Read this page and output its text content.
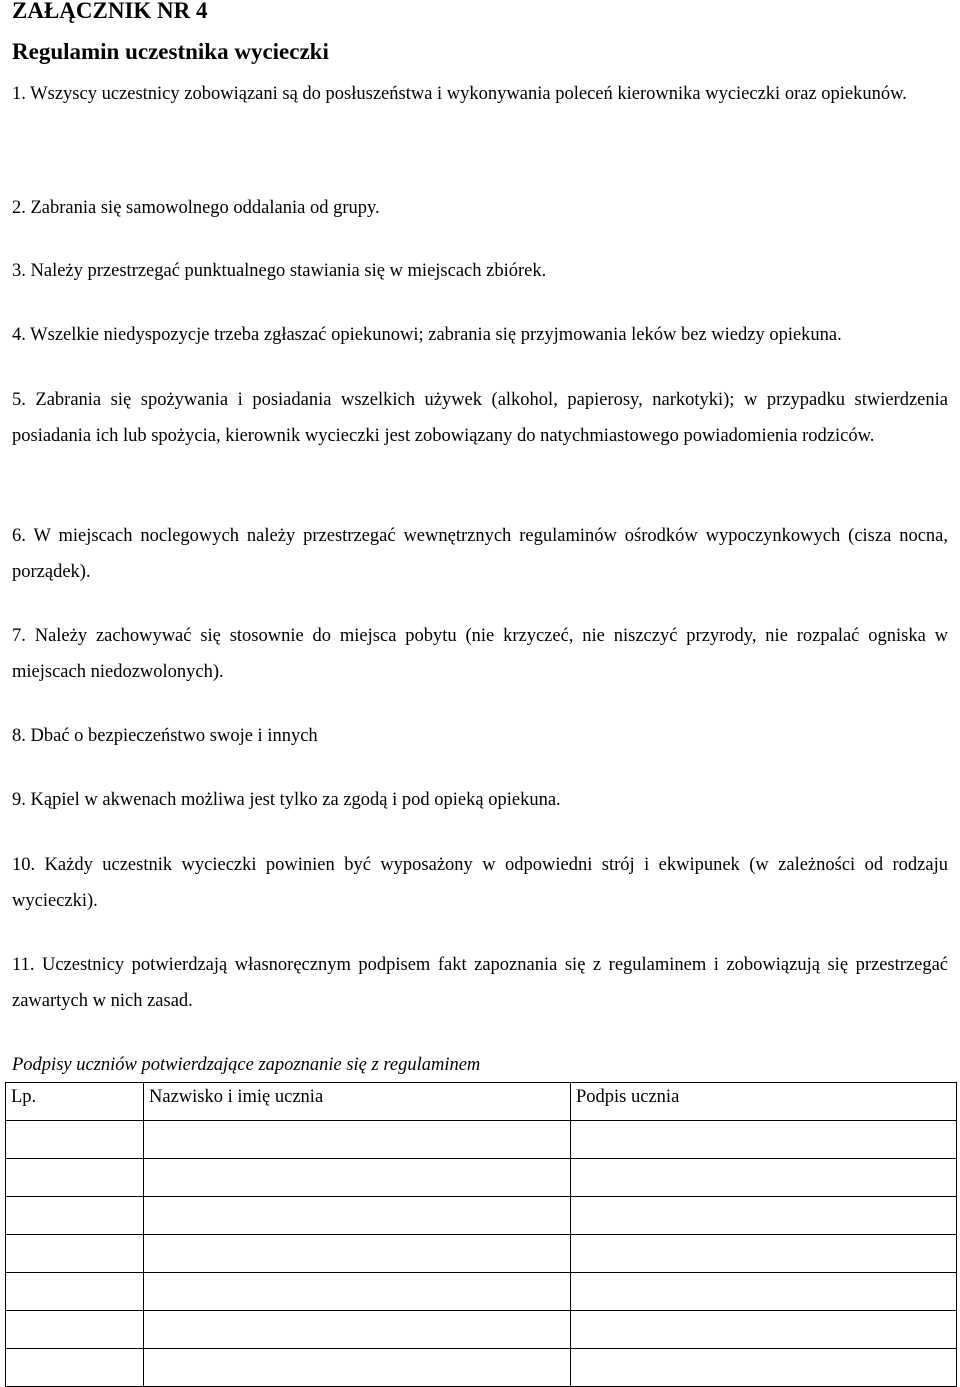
ZAŁĄCZNIK NR 4
Regulamin uczestnika wycieczki

1. Wszyscy uczestnicy zobowiązani są do posłuszeństwa i wykonywania poleceń kierownika wycieczki oraz opiekunów.

2. Zabrania się samowolnego oddalania od grupy.

3. Należy przestrzegać punktualnego stawiania się w miejscach zbiórek.

4. Wszelkie niedyspozycje trzeba zgłaszać opiekunowi; zabrania się przyjmowania leków bez wiedzy opiekuna.

5. Zabrania się spożywania i posiadania wszelkich używek (alkohol, papierosy, narkotyki); w przypadku stwierdzenia posiadania ich lub spożycia, kierownik wycieczki jest zobowiązany do natychmiastowego powiadomienia rodziców.

6. W miejscach noclegowych należy przestrzegać wewnętrznych regulaminów ośrodków wypoczynkowych (cisza nocna, porządek).

7. Należy zachowywać się stosownie do miejsca pobytu (nie krzyczeć, nie niszczyć przyrody, nie rozpalać ogniska w miejscach niedozwolonych).

8. Dbać o bezpieczeństwo swoje i innych

9. Kąpiel w akwenach możliwa jest tylko za zgodą i pod opieką opiekuna.

10. Każdy uczestnik wycieczki powinien być wyposażony w odpowiedni strój i ekwipunek (w zależności od rodzaju wycieczki).

11. Uczestnicy potwierdzają własnoręcznym podpisem fakt zapoznania się z regulaminem i zobowiązują się przestrzegać zawartych w nich zasad.

Podpisy uczniów potwierdzające zapoznanie się z regulaminem
Lp.	Nazwisko i imię ucznia	Podpis ucznia
